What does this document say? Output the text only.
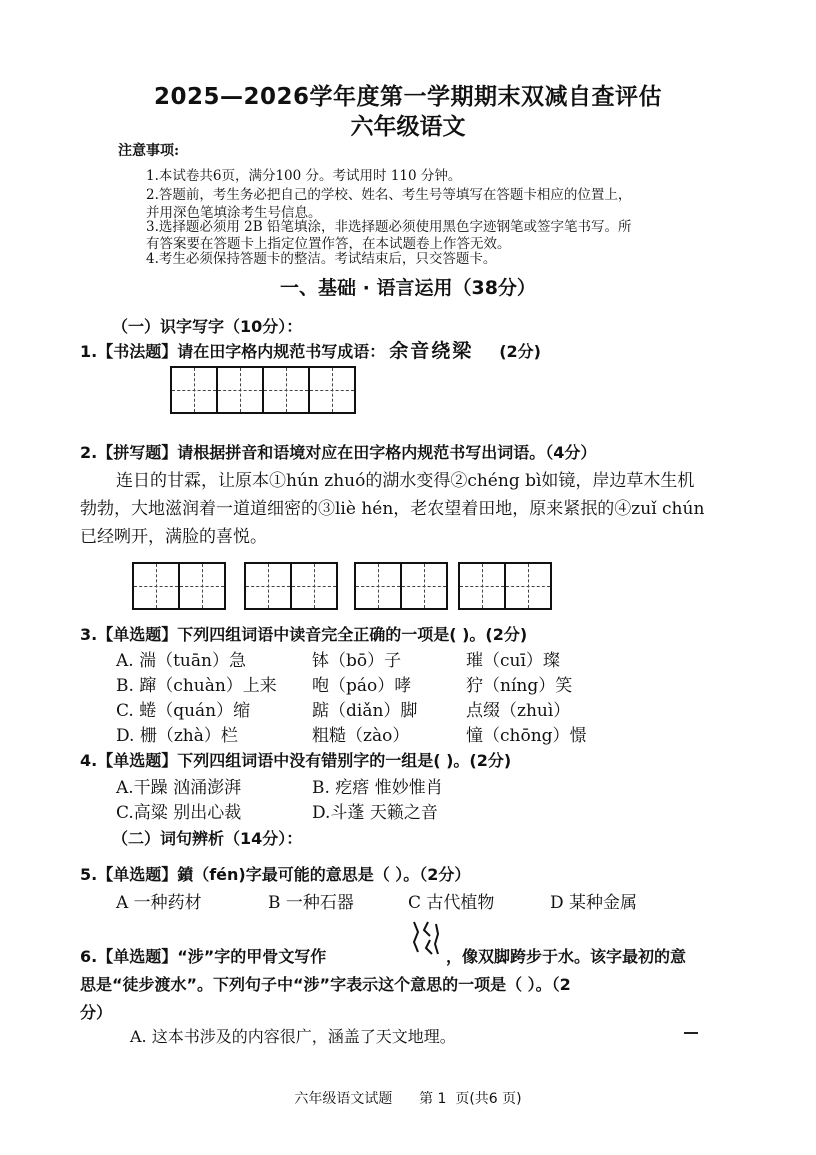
2025—2026学年度第一学期期末双减自查评估
六年级语文
注意事项:
1.本试卷共6页，满分100 分。考试用时 110 分钟。
2.答题前，考生务必把自己的学校、姓名、考生号等填写在答题卡相应的位置上，
并用深色笔填涂考生号信息。
3.选择题必须用 2B 铅笔填涂，非选择题必须使用黑色字迹钢笔或签字笔书写。所
有答案要在答题卡上指定位置作答，在本试题卷上作答无效。
4.考生必须保持答题卡的整洁。考试结束后，只交答题卡。
一、基础 · 语言运用（38分）
（一）识字写字（10分）：
1.【书法题】请在田字格内规范书写成语： 余音绕梁 (2分)
2.【拼写题】请根据拼音和语境对应在田字格内规范书写出词语。（4分）
连日的甘霖，让原本①hún zhuó的湖水变得②chéng bì如镜，岸边草木生机
勃勃，大地滋润着一道道细密的③liè hén，老农望着田地，原来紧抿的④zuǐ chún
已经咧开，满脸的喜悦。
3.【单选题】下列四组词语中读音完全正确的一项是( )。(2分)
A. 湍（tuān）急	钵（bō）子	璀（cuī）璨
B. 蹿（chuàn）上来 咆（páo）哮	狞（níng）笑
C. 蜷（quán）缩	踮（diǎn）脚	点缀（zhuì）
D. 栅（zhà）栏	粗糙（zào）	憧（chōng）憬
4.【单选题】下列四组词语中没有错别字的一组是( )。(2分)
A.干躁 汹涌澎湃	B. 疙瘩 惟妙惟肖
C.高粱 别出心裁	D.斗蓬 天籁之音
（二）词句辨析（14分）：
5.【单选题】鐼（fén)字最可能的意思是（ ）。（2分）
A 一种药材	B 一种石器	C 古代植物	D 某种金属
6.【单选题】“涉”字的甲骨文写作	，像双脚跨步于水。该字最初的意
思是“徒步渡水”。下列句子中“涉”字表示这个意思的一项是（ ）。（2
分）
A. 这本书涉及的内容很广，涵盖了天文地理。
六年级语文试题      第 1  页(共6 页)
